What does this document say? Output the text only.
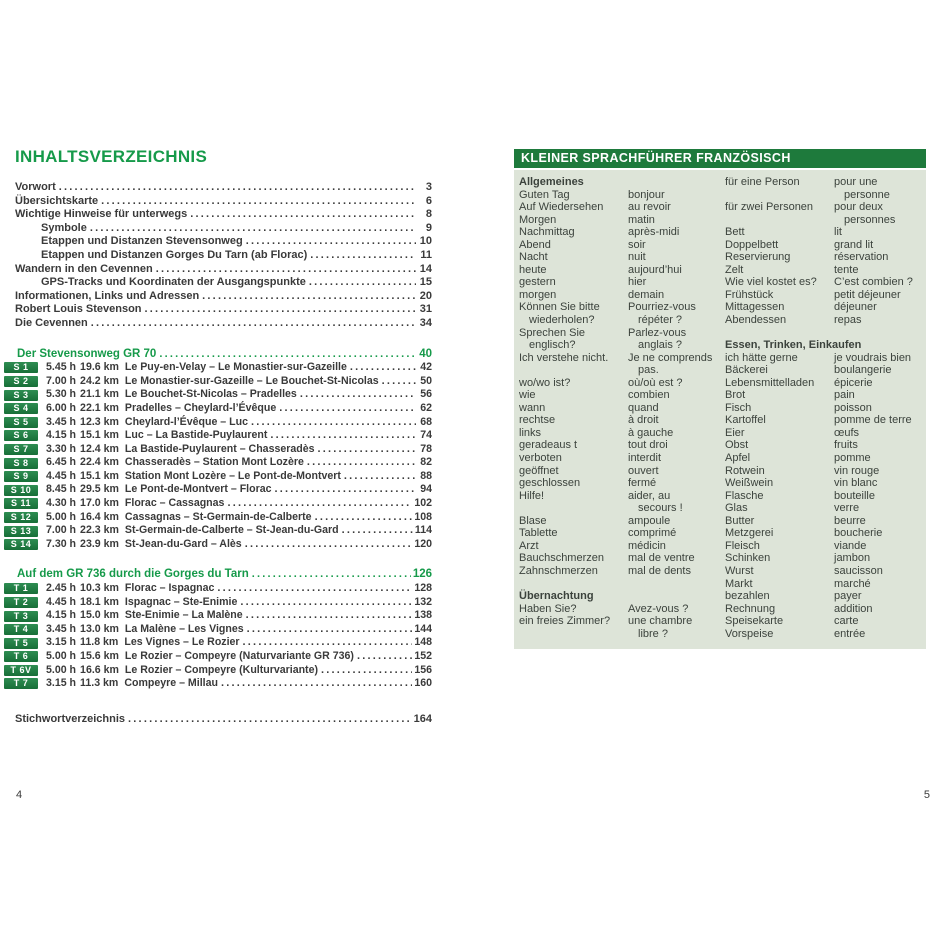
INHALTSVERZEICHNIS
Vorwort .....	3
Übersichtskarte .....	6
Wichtige Hinweise für unterwegs .....	8
Symbole .....	9
Etappen und Distanzen Stevensonweg .....	10
Etappen und Distanzen Gorges Du Tarn (ab Florac) .....	11
Wandern in den Cevennen .....	14
GPS-Tracks und Koordinaten der Ausgangspunkte .....	15
Informationen, Links und Adressen .....	20
Robert Louis Stevenson .....	31
Die Cevennen .....	34
Der Stevensonweg GR 70 .....	40
S 1	5.45 h 19.6 km Le Puy-en-Velay – Le Monastier-sur-Gazeille .....	42
S 2	7.00 h 24.2 km Le Monastier-sur-Gazeille – Le Bouchet-St-Nicolas .....	50
S 3	5.30 h 21.1 km Le Bouchet-St-Nicolas – Pradelles .....	56
S 4	6.00 h 22.1 km Pradelles – Cheylard-l’Évêque .....	62
S 5	3.45 h 12.3 km Cheylard-l’Évêque – Luc .....	68
S 6	4.15 h 15.1 km Luc – La Bastide-Puylaurent .....	74
S 7	3.30 h 12.4 km La Bastide-Puylaurent – Chasseradès .....	78
S 8	6.45 h 22.4 km Chasseradès – Station Mont Lozère .....	82
S 9	4.45 h 15.1 km Station Mont Lozère – Le Pont-de-Montvert .....	88
S 10	8.45 h 29.5 km Le Pont-de-Montvert – Florac .....	94
S 11	4.30 h 17.0 km Florac – Cassagnas .....	102
S 12	5.00 h 16.4 km Cassagnas – St-Germain-de-Calberte .....	108
S 13	7.00 h 22.3 km St-Germain-de-Calberte – St-Jean-du-Gard .....	114
S 14	7.30 h 23.9 km St-Jean-du-Gard – Alès .....	120
Auf dem GR 736 durch die Gorges du Tarn .....	126
T 1	2.45 h 10.3 km Florac – Ispagnac .....	128
T 2	4.45 h 18.1 km Ispagnac – Ste-Enimie .....	132
T 3	4.15 h 15.0 km Ste-Enimie – La Malène .....	138
T 4	3.45 h 13.0 km La Malène – Les Vignes .....	144
T 5	3.15 h 11.8 km Les Vignes – Le Rozier .....	148
T 6	5.00 h 15.6 km Le Rozier – Compeyre (Naturvariante GR 736) .....	152
T 6V	5.00 h 16.6 km Le Rozier – Compeyre (Kulturvariante) .....	156
T 7	3.15 h 11.3 km Compeyre – Millau .....	160
Stichwortverzeichnis .....	164
KLEINER SPRACHFÜHRER FRANZÖSISCH
Allgemeines
Guten Tag	bonjour
Auf Wiedersehen	au revoir
Morgen	matin
Nachmittag	après-midi
Abend	soir
Nacht	nuit
heute	aujourd’hui
gestern	hier
morgen	demain
Können Sie bitte	Pourriez-vous
wiederholen?	répéter ?
Sprechen Sie	Parlez-vous
englisch?	anglais ?
Ich verstehe nicht.	Je ne comprends
pas.
wo/wo ist?	où/où est ?
wie	combien
wann	quand
rechtse	à droit
links	à gauche
geradeaus t	tout droi
verboten	interdit
geöffnet	ouvert
geschlossen	fermé
Hilfe!	aider, au
secours !
Blase	ampoule
Tablette	comprimé
Arzt	médicin
Bauchschmerzen	mal de ventre
Zahnschmerzen	mal de dents
Übernachtung
Haben Sie?	Avez-vous ?
ein freies Zimmer?	une chambre
libre ?
für eine Person	pour une
personne
für zwei Personen	pour deux
personnes
Bett	lit
Doppelbett	grand lit
Reservierung	réservation
Zelt	tente
Wie viel kostet es?	C’est combien ?
Frühstück	petit déjeuner
Mittagessen	déjeuner
Abendessen	repas
Essen, Trinken, Einkaufen
ich hätte gerne	je voudrais bien
Bäckerei	boulangerie
Lebensmittelladen	épicerie
Brot	pain
Fisch	poisson
Kartoffel	pomme de terre
Eier	œufs
Obst	fruits
Apfel	pomme
Rotwein	vin rouge
Weißwein	vin blanc
Flasche	bouteille
Glas	verre
Butter	beurre
Metzgerei	boucherie
Fleisch	viande
Schinken	jambon
Wurst	saucisson
Markt	marché
bezahlen	payer
Rechnung	addition
Speisekarte	carte
Vorspeise	entrée
4	5
